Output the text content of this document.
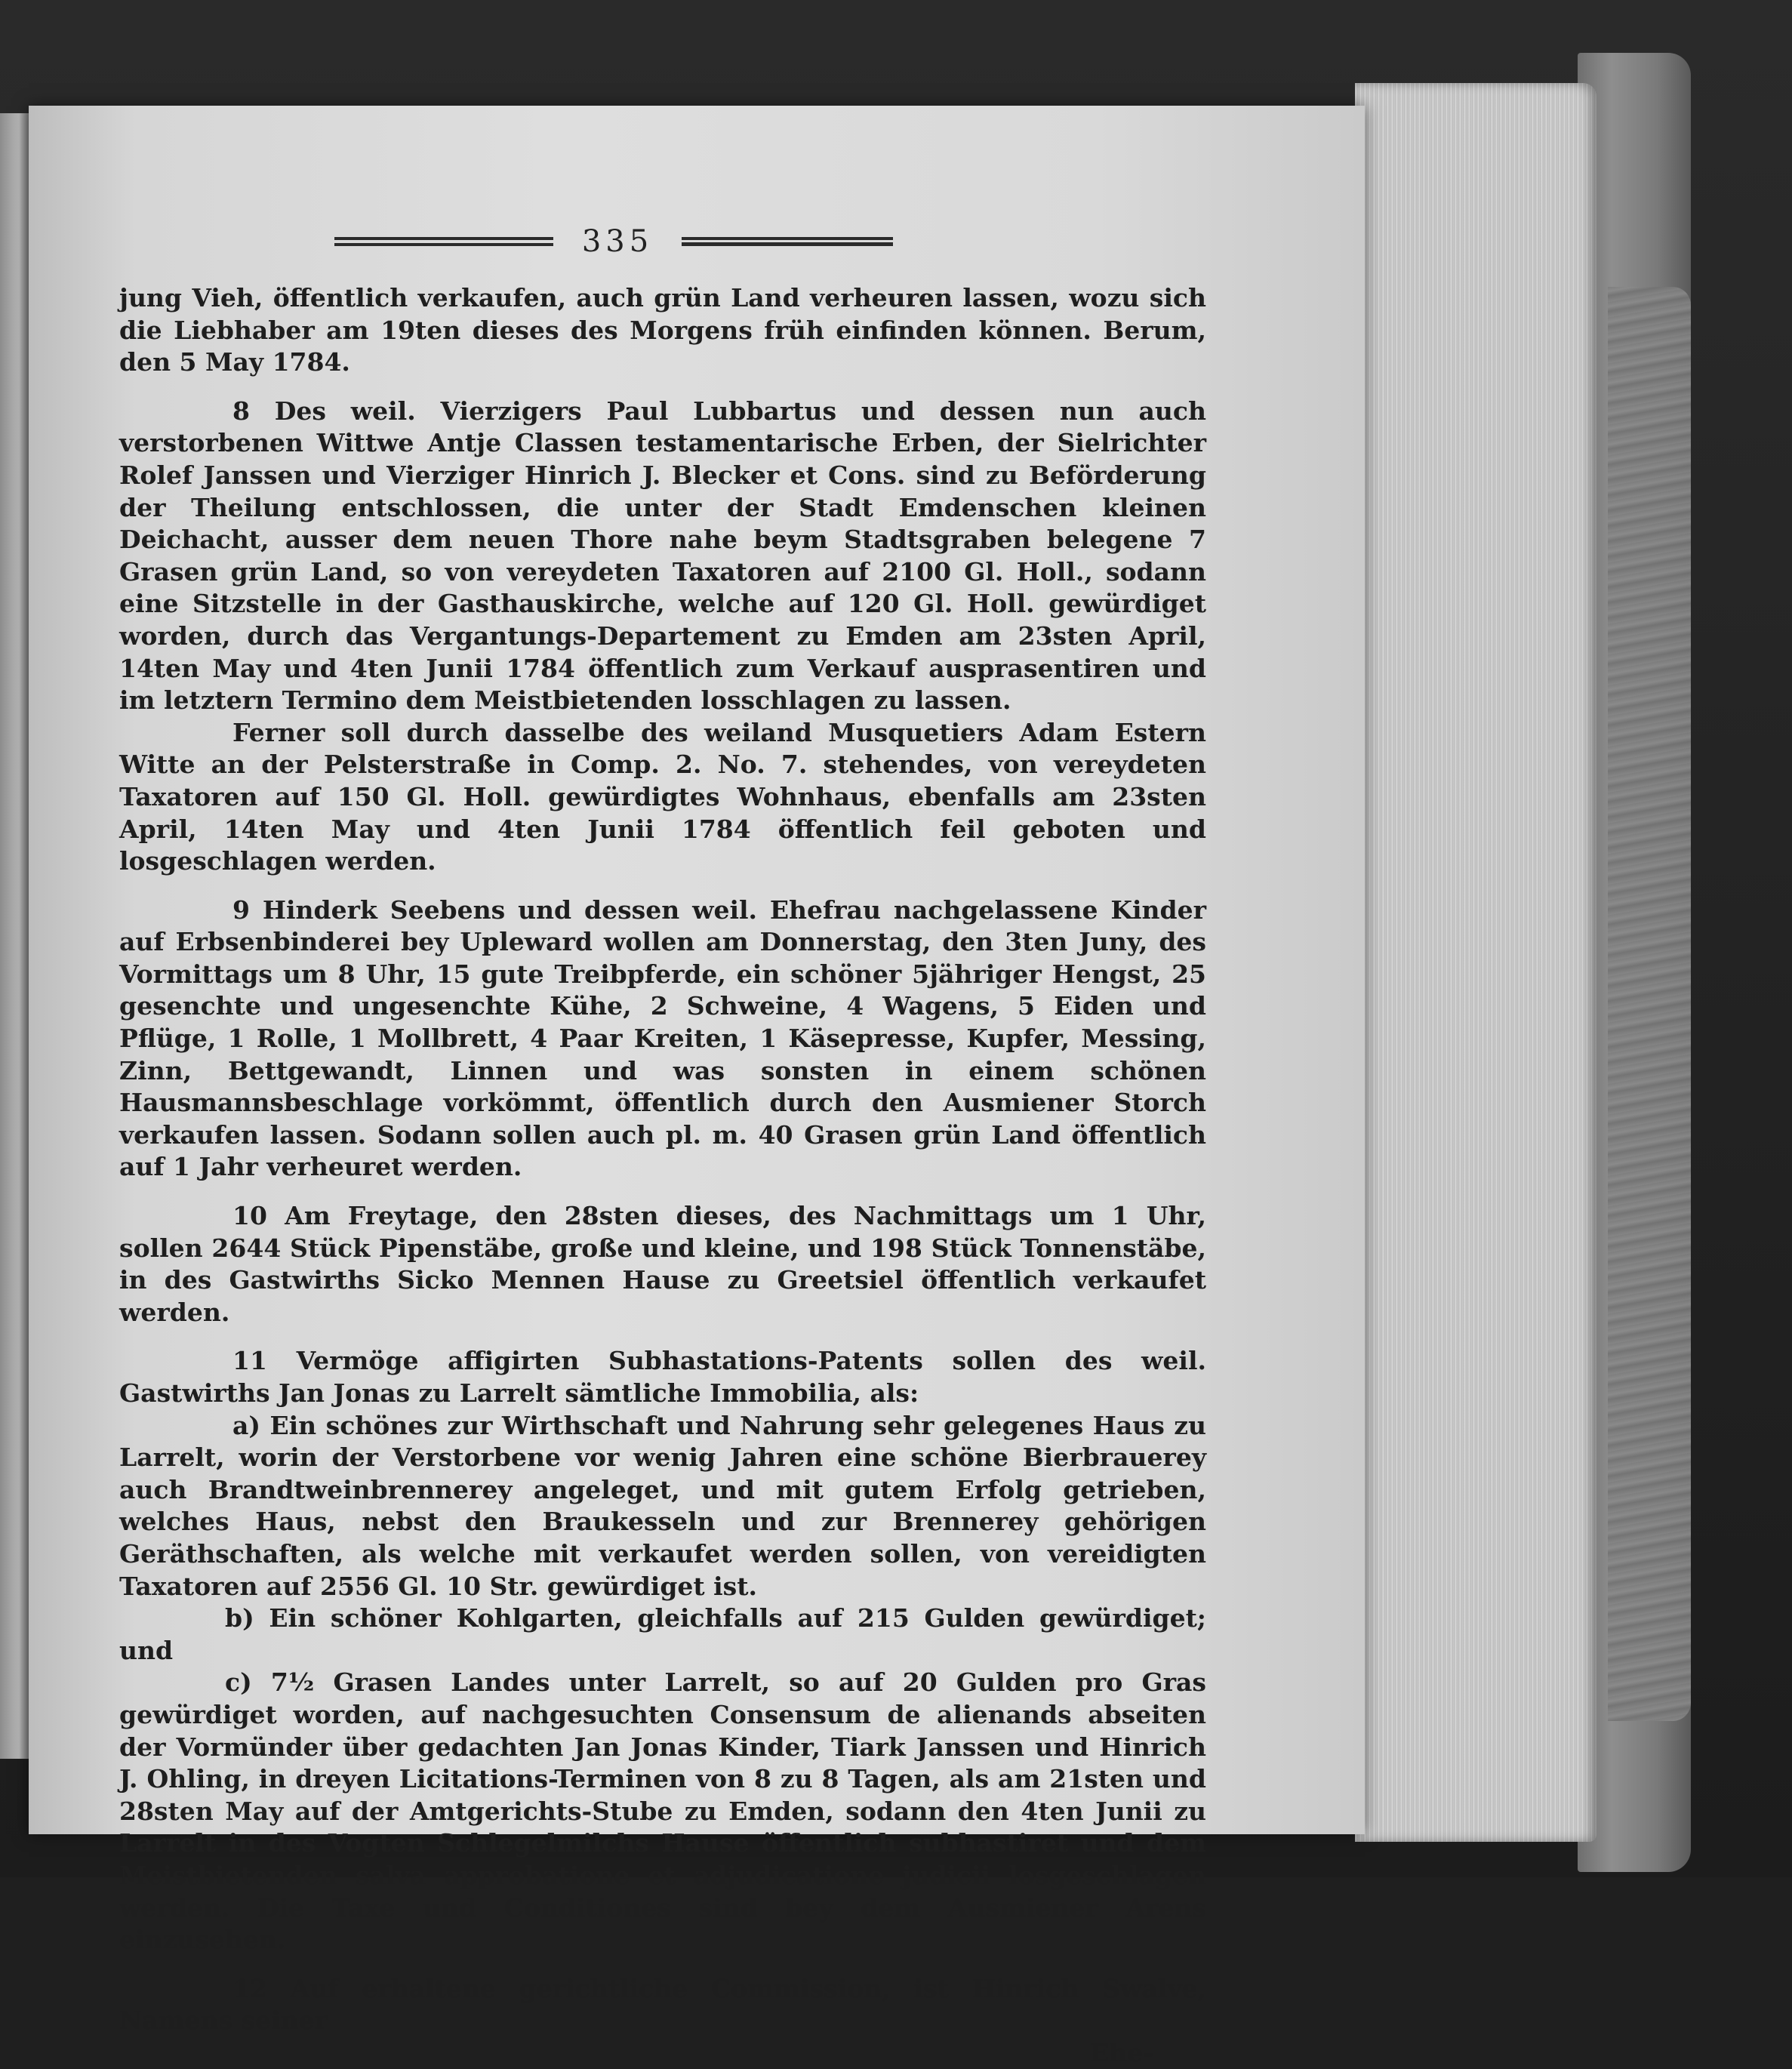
335

jung Vieh, öffentlich verkaufen, auch grün Land verheuren lassen, wozu sich die Liebhaber am 19ten dieses des Morgens früh einfinden können. Berum, den 5 May 1784.

8 Des weil. Vierzigers Paul Lubbartus und dessen nun auch verstorbenen Wittwe Antje Classen testamentarische Erben, der Sielrichter Rolef Janssen und Vierziger Hinrich J. Blecker et Cons. sind zu Beförderung der Theilung entschlossen, die unter der Stadt Emdenschen kleinen Deichacht, ausser dem neuen Thore nahe beym Stadtsgraben belegene 7 Grasen grün Land, so von vereydeten Taxatoren auf 2100 Gl. Holl., sodann eine Sitzstelle in der Gasthauskirche, welche auf 120 Gl. Holl. gewürdiget worden, durch das Vergantungs-Departement zu Emden am 23sten April, 14ten May und 4ten Junii 1784 öffentlich zum Verkauf ausprasentiren und im letztern Termino dem Meistbietenden losschlagen zu lassen.

Ferner soll durch dasselbe des weiland Musquetiers Adam Estern Witte an der Pelsterstraße in Comp. 2. No. 7. stehendes, von vereydeten Taxatoren auf 150 Gl. Holl. gewürdigtes Wohnhaus, ebenfalls am 23sten April, 14ten May und 4ten Junii 1784 öffentlich feil geboten und losgeschlagen werden.

9 Hinderk Seebens und dessen weil. Ehefrau nachgelassene Kinder auf Erbsenbinderei bey Upleward wollen am Donnerstag, den 3ten Juny, des Vormittags um 8 Uhr, 15 gute Treibpferde, ein schöner 5jähriger Hengst, 25 gesenchte und ungesenchte Kühe, 2 Schweine, 4 Wagens, 5 Eiden und Pflüge, 1 Rolle, 1 Mollbrett, 4 Paar Kreiten, 1 Käsepresse, Kupfer, Messing, Zinn, Bettgewandt, Linnen und was sonsten in einem schönen Hausmannsbeschlage vorkömmt, öffentlich durch den Ausmiener Storch verkaufen lassen. Sodann sollen auch pl. m. 40 Grasen grün Land öffentlich auf 1 Jahr verheuret werden.

10 Am Freytage, den 28sten dieses, des Nachmittags um 1 Uhr, sollen 2644 Stück Pipenstäbe, große und kleine, und 198 Stück Tonnenstäbe, in des Gastwirths Sicko Mennen Hause zu Greetsiel öffentlich verkaufet werden.

11 Vermöge affigirten Subhastations-Patents sollen des weil. Gastwirths Jan Jonas zu Larrelt sämtliche Immobilia, als:

a) Ein schönes zur Wirthschaft und Nahrung sehr gelegenes Haus zu Larrelt, worin der Verstorbene vor wenig Jahren eine schöne Bierbrauerey auch Brandtweinbrennerey angeleget, und mit gutem Erfolg getrieben, welches Haus, nebst den Braukesseln und zur Brennerey gehörigen Geräthschaften, als welche mit verkaufet werden sollen, von vereidigten Taxatoren auf 2556 Gl. 10 Str. gewürdiget ist.

b) Ein schöner Kohlgarten, gleichfalls auf 215 Gulden gewürdiget; und

c) 7½ Grasen Landes unter Larrelt, so auf 20 Gulden pro Gras gewürdiget worden, auf nachgesuchten Consensum de alienands abseiten der Vormünder über gedachten Jan Jonas Kinder, Tiark Janssen und Hinrich J. Ohling, in dreyen Licitations-Terminen von 8 zu 8 Tagen, als am 21sten und 28sten May auf der Amtgerichts-Stube zu Emden, sodann den 4ten Junii zu Larrelt in des Vogten Schlegelmilchs Hause öffentlich subhastiret und dem Meistbietenden salva approbatione et adjudicatione judicii losgeschlagen werden. Die Taxe und Conditiones sind bey dem Ausmiener Arens einzusehen.

12 Auf erhaltene gerichtliche Commission, ist Hinrich Swalve, Namens seiner

Ehe-
